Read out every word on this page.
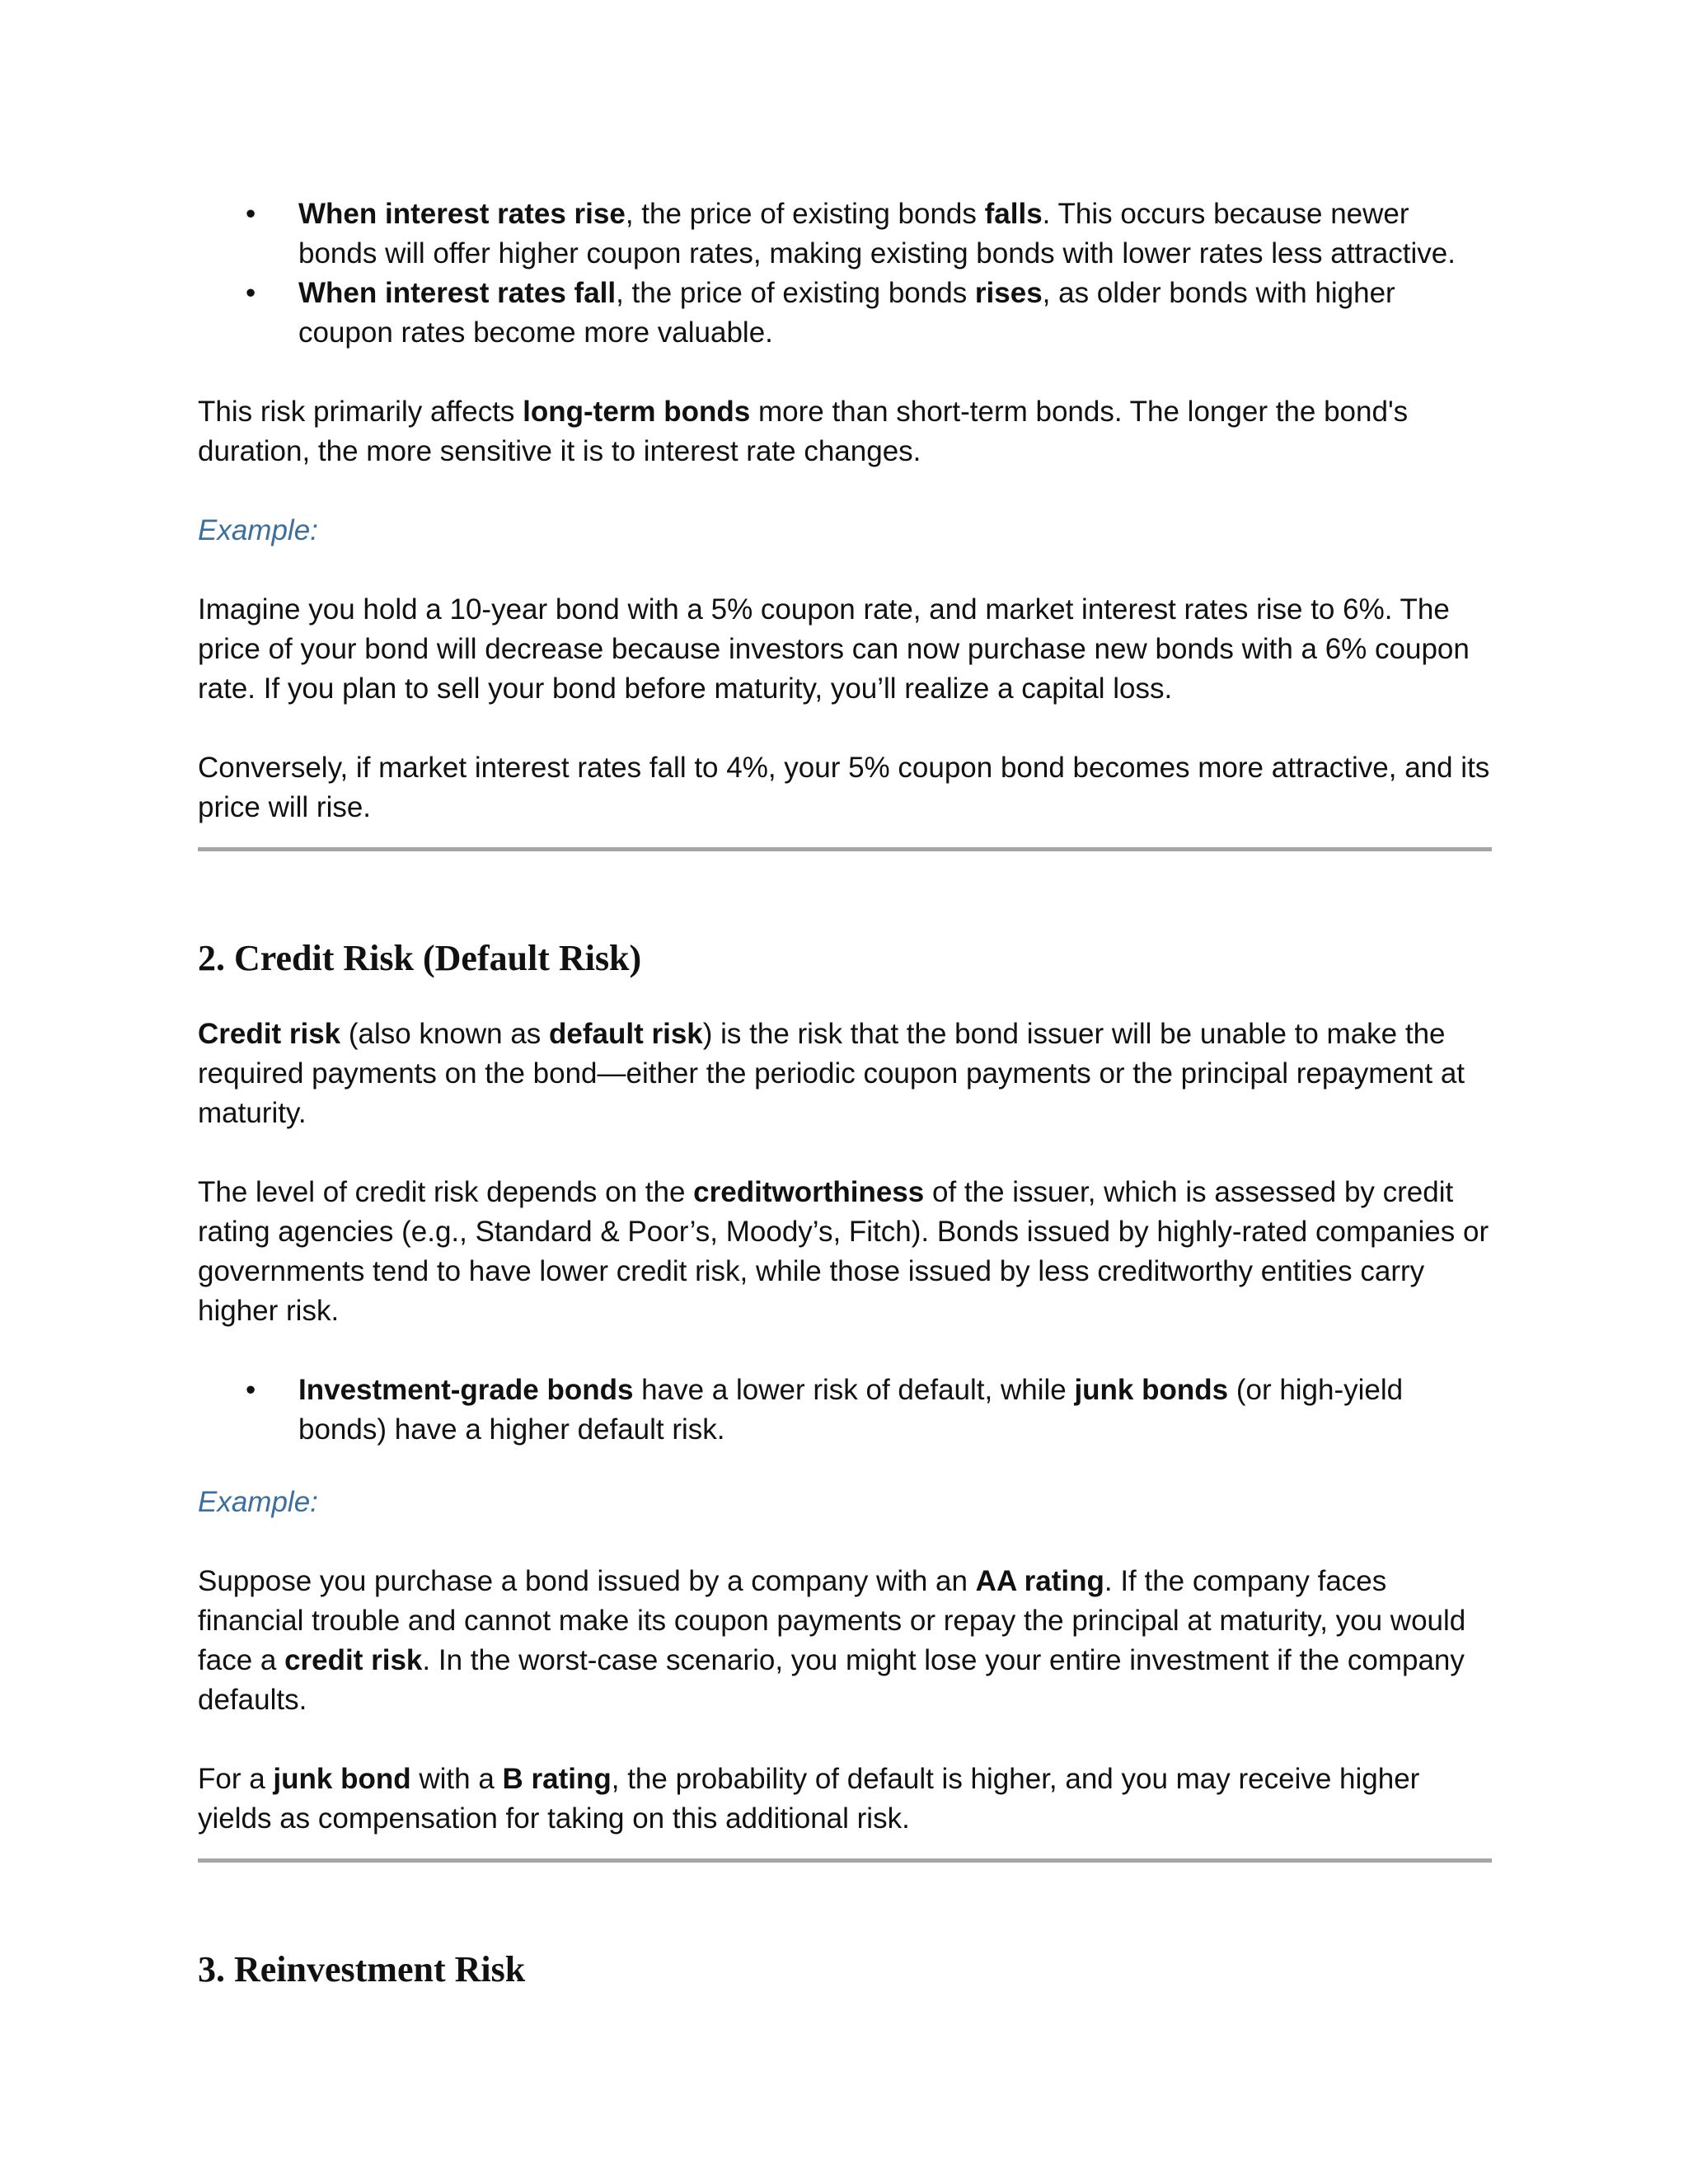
• When interest rates rise, the price of existing bonds falls. This occurs because newer bonds will offer higher coupon rates, making existing bonds with lower rates less attractive.
• When interest rates fall, the price of existing bonds rises, as older bonds with higher coupon rates become more valuable.

This risk primarily affects long-term bonds more than short-term bonds. The longer the bond's duration, the more sensitive it is to interest rate changes.

Example:

Imagine you hold a 10-year bond with a 5% coupon rate, and market interest rates rise to 6%. The price of your bond will decrease because investors can now purchase new bonds with a 6% coupon rate. If you plan to sell your bond before maturity, you’ll realize a capital loss.

Conversely, if market interest rates fall to 4%, your 5% coupon bond becomes more attractive, and its price will rise.

2. Credit Risk (Default Risk)

Credit risk (also known as default risk) is the risk that the bond issuer will be unable to make the required payments on the bond—either the periodic coupon payments or the principal repayment at maturity.

The level of credit risk depends on the creditworthiness of the issuer, which is assessed by credit rating agencies (e.g., Standard & Poor’s, Moody’s, Fitch). Bonds issued by highly-rated companies or governments tend to have lower credit risk, while those issued by less creditworthy entities carry higher risk.

• Investment-grade bonds have a lower risk of default, while junk bonds (or high-yield bonds) have a higher default risk.

Example:

Suppose you purchase a bond issued by a company with an AA rating. If the company faces financial trouble and cannot make its coupon payments or repay the principal at maturity, you would face a credit risk. In the worst-case scenario, you might lose your entire investment if the company defaults.

For a junk bond with a B rating, the probability of default is higher, and you may receive higher yields as compensation for taking on this additional risk.

3. Reinvestment Risk
